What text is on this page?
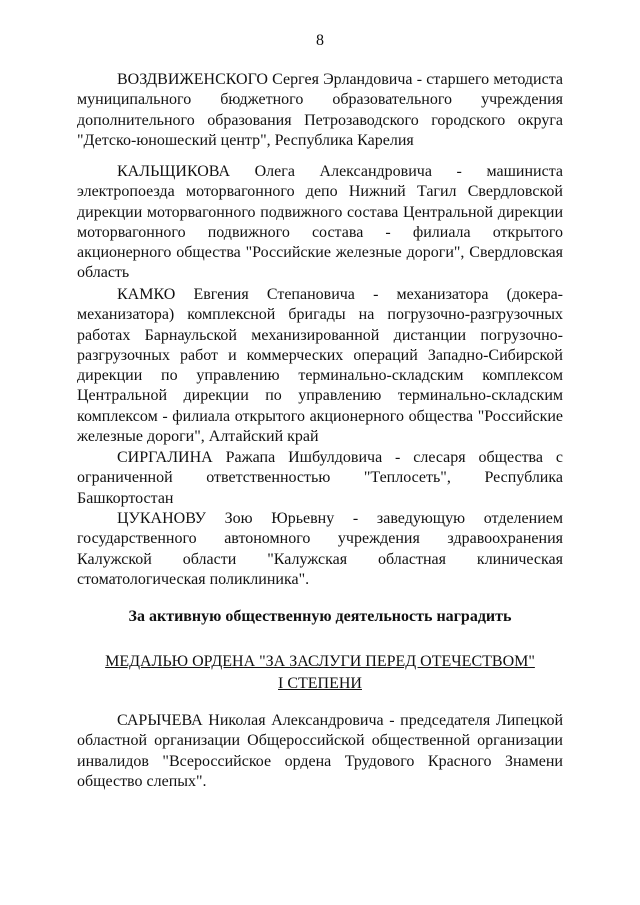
8

ВОЗДВИЖЕНСКОГО Сергея Эрландовича - старшего методиста муниципального бюджетного образовательного учреждения дополнительного образования Петрозаводского городского округа "Детско-юношеский центр", Республика Карелия

КАЛЬЩИКОВА Олега Александровича - машиниста электропоезда моторвагонного депо Нижний Тагил Свердловской дирекции моторвагонного подвижного состава Центральной дирекции моторвагонного подвижного состава - филиала открытого акционерного общества "Российские железные дороги", Свердловская область

КАМКО Евгения Степановича - механизатора (докера-механизатора) комплексной бригады на погрузочно-разгрузочных работах Барнаульской механизированной дистанции погрузочно-разгрузочных работ и коммерческих операций Западно-Сибирской дирекции по управлению терминально-складским комплексом Центральной дирекции по управлению терминально-складским комплексом - филиала открытого акционерного общества "Российские железные дороги", Алтайский край

СИРГАЛИНА Ражапа Ишбулдовича - слесаря общества с ограниченной ответственностью "Теплосеть", Республика Башкортостан

ЦУКАНОВУ Зою Юрьевну - заведующую отделением государственного автономного учреждения здравоохранения Калужской области "Калужская областная клиническая стоматологическая поликлиника".

За активную общественную деятельность наградить
МЕДАЛЬЮ ОРДЕНА "ЗА ЗАСЛУГИ ПЕРЕД ОТЕЧЕСТВОМ"
I СТЕПЕНИ

САРЫЧЕВА Николая Александровича - председателя Липецкой областной организации Общероссийской общественной организации инвалидов "Всероссийское ордена Трудового Красного Знамени общество слепых".
